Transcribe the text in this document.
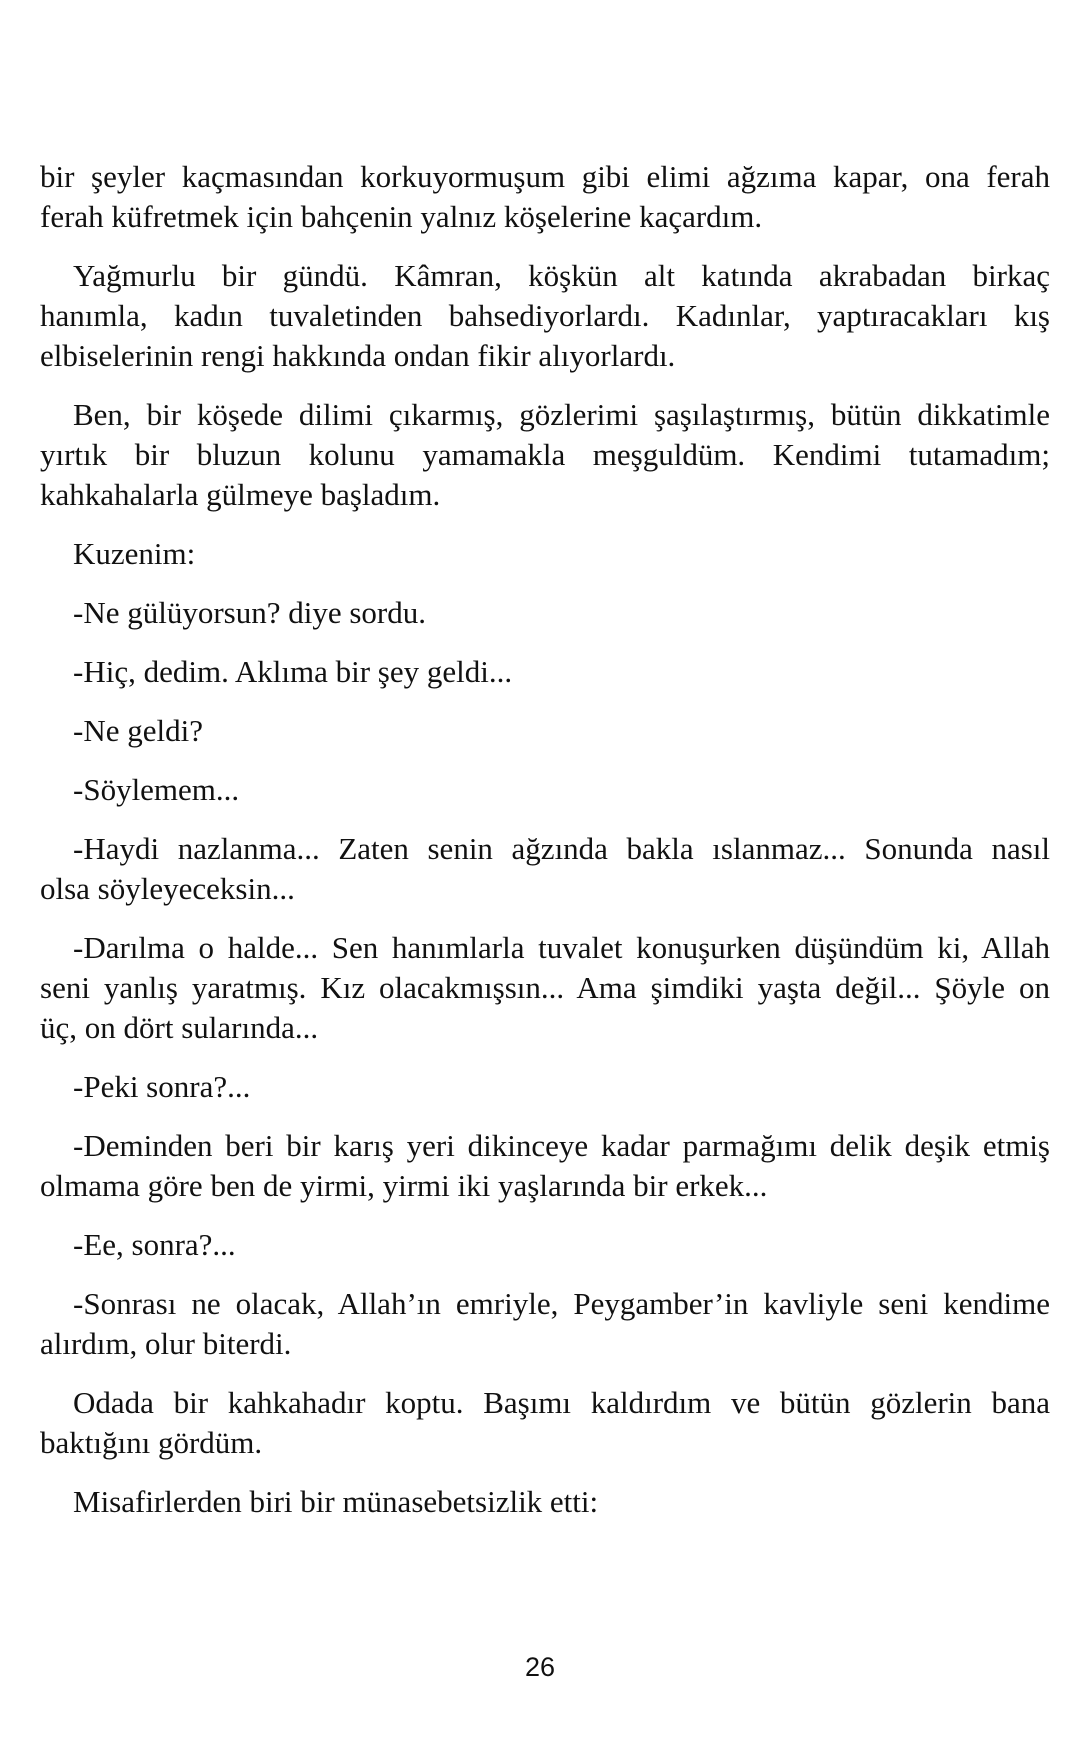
bir şeyler kaçmasından korkuyormuşum gibi elimi ağzıma kapar, ona ferah
ferah küfretmek için bahçenin yalnız köşelerine kaçardım.
Yağmurlu bir gündü. Kâmran, köşkün alt katında akrabadan birkaç
hanımla, kadın tuvaletinden bahsediyorlardı. Kadınlar, yaptıracakları kış
elbiselerinin rengi hakkında ondan fikir alıyorlardı.
Ben, bir köşede dilimi çıkarmış, gözlerimi şaşılaştırmış, bütün dikkatimle
yırtık bir bluzun kolunu yamamakla meşguldüm. Kendimi tutamadım;
kahkahalarla gülmeye başladım.
Kuzenim:
-Ne gülüyorsun? diye sordu.
-Hiç, dedim. Aklıma bir şey geldi...
-Ne geldi?
-Söylemem...
-Haydi nazlanma... Zaten senin ağzında bakla ıslanmaz... Sonunda nasıl
olsa söyleyeceksin...
-Darılma o halde... Sen hanımlarla tuvalet konuşurken düşündüm ki, Allah
seni yanlış yaratmış. Kız olacakmışsın... Ama şimdiki yaşta değil... Şöyle on
üç, on dört sularında...
-Peki sonra?...
-Deminden beri bir karış yeri dikinceye kadar parmağımı delik deşik etmiş
olmama göre ben de yirmi, yirmi iki yaşlarında bir erkek...
-Ee, sonra?...
-Sonrası ne olacak, Allah’ın emriyle, Peygamber’in kavliyle seni kendime
alırdım, olur biterdi.
Odada bir kahkahadır koptu. Başımı kaldırdım ve bütün gözlerin bana
baktığını gördüm.
Misafirlerden biri bir münasebetsizlik etti:
26
